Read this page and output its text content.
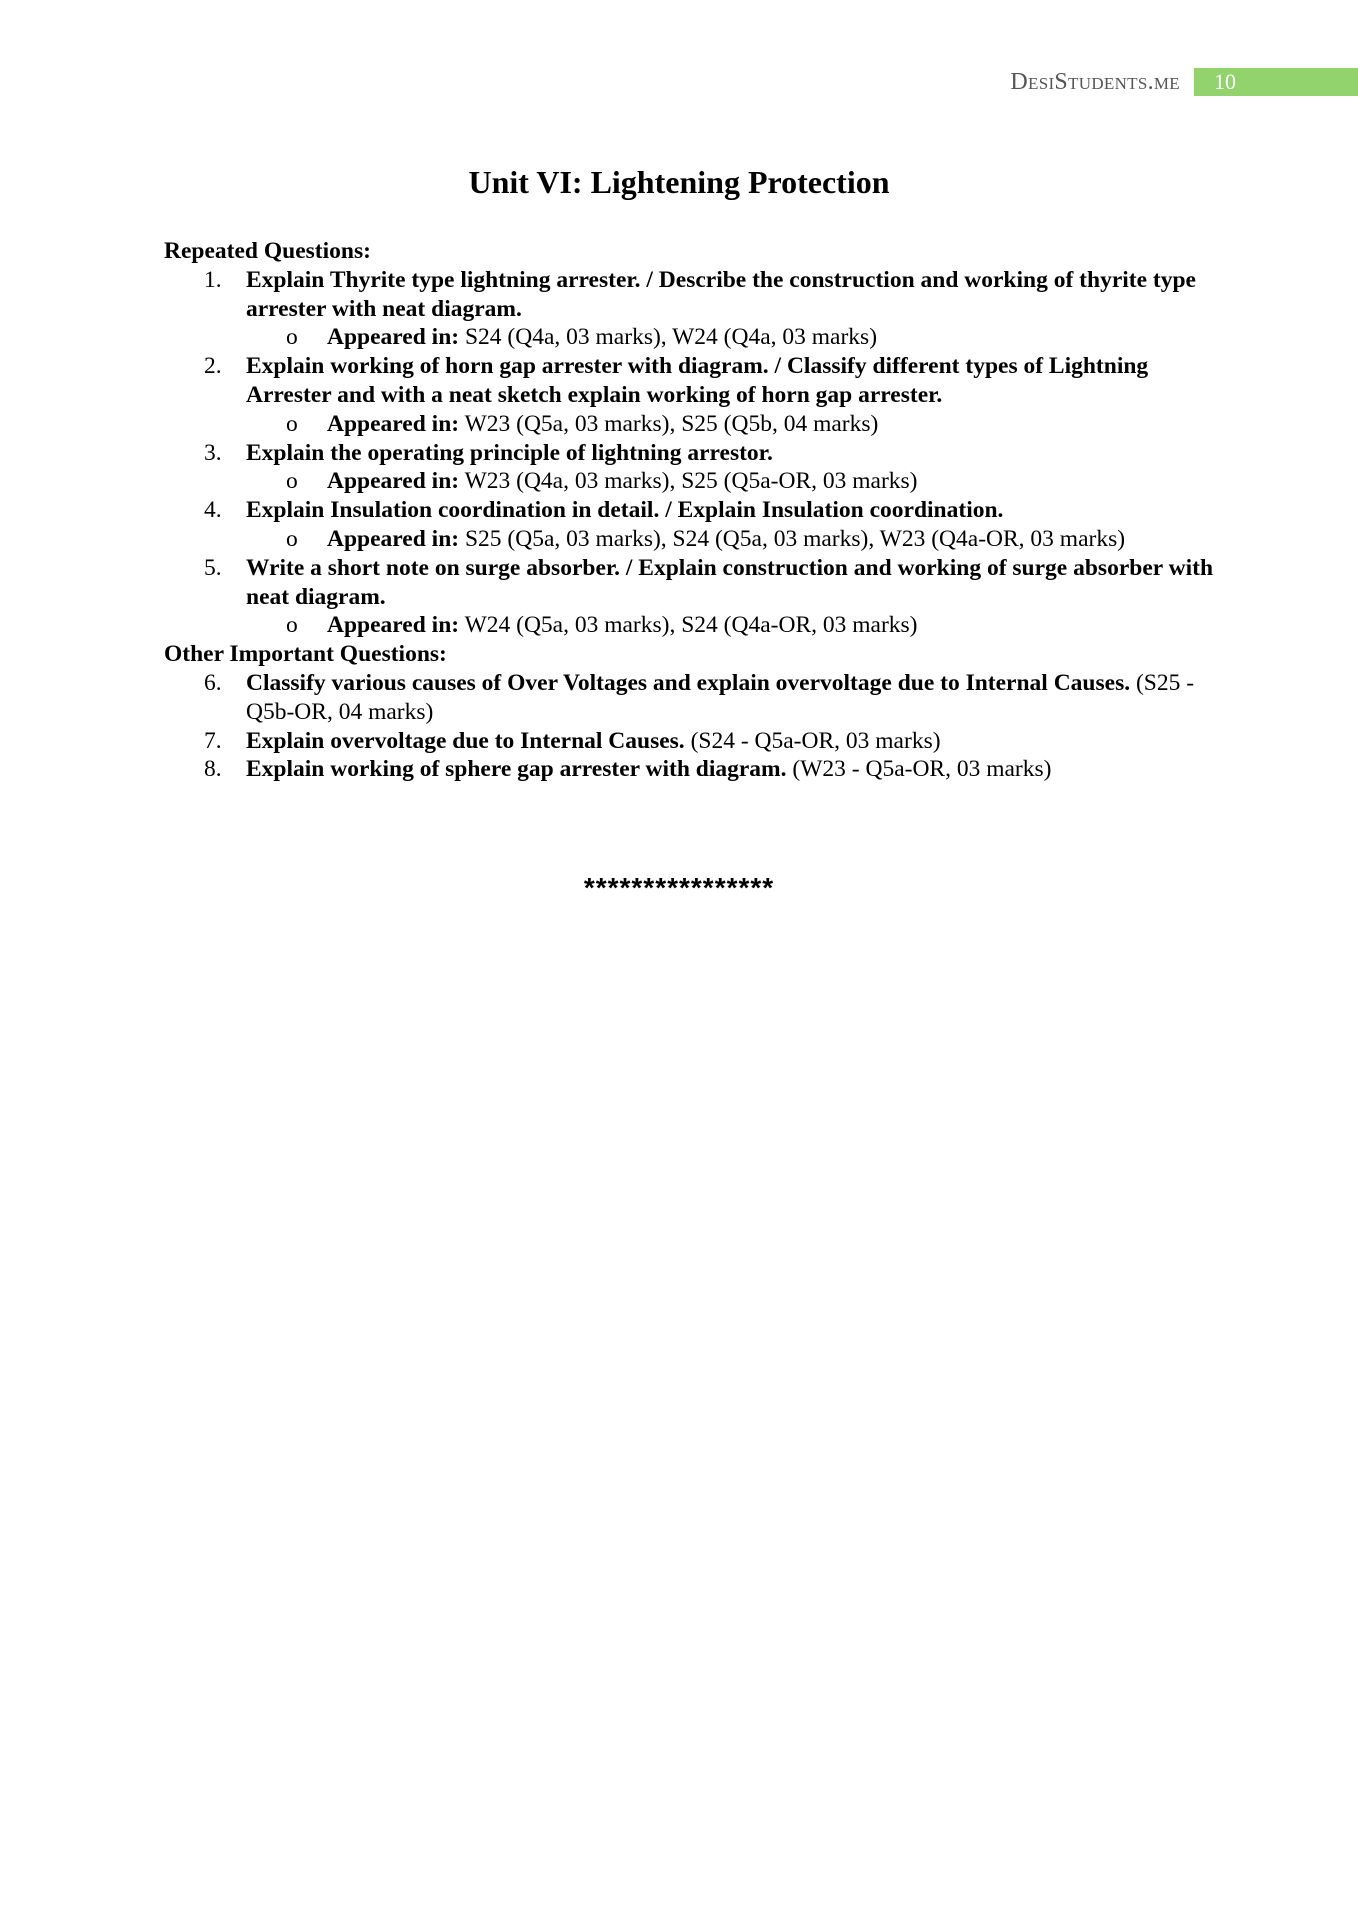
DesiStudents.me	10
Unit VI: Lightening Protection
Repeated Questions:
1.	Explain Thyrite type lightning arrester. / Describe the construction and working of thyrite type arrester with neat diagram.
o Appeared in: S24 (Q4a, 03 marks), W24 (Q4a, 03 marks)
2.	Explain working of horn gap arrester with diagram. / Classify different types of Lightning Arrester and with a neat sketch explain working of horn gap arrester.
o Appeared in: W23 (Q5a, 03 marks), S25 (Q5b, 04 marks)
3.	Explain the operating principle of lightning arrestor.
o Appeared in: W23 (Q4a, 03 marks), S25 (Q5a-OR, 03 marks)
4.	Explain Insulation coordination in detail. / Explain Insulation coordination.
o Appeared in: S25 (Q5a, 03 marks), S24 (Q5a, 03 marks), W23 (Q4a-OR, 03 marks)
5.	Write a short note on surge absorber. / Explain construction and working of surge absorber with neat diagram.
o Appeared in: W24 (Q5a, 03 marks), S24 (Q4a-OR, 03 marks)
Other Important Questions:
6.	Classify various causes of Over Voltages and explain overvoltage due to Internal Causes. (S25 - Q5b-OR, 04 marks)
7.	Explain overvoltage due to Internal Causes. (S24 - Q5a-OR, 03 marks)
8.	Explain working of sphere gap arrester with diagram. (W23 - Q5a-OR, 03 marks)
****************
